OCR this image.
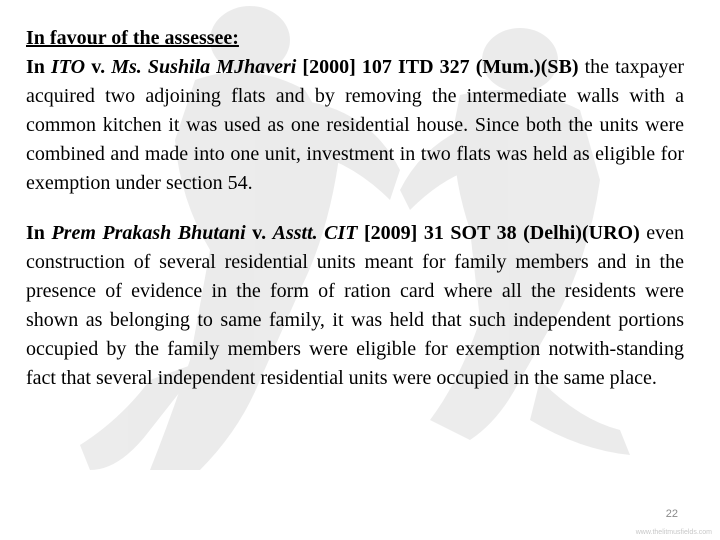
In favour of the assessee:

In ITO v. Ms. Sushila MJhaveri [2000] 107 ITD 327 (Mum.)(SB) the taxpayer acquired two adjoining flats and by removing the intermediate walls with a common kitchen it was used as one residential house. Since both the units were combined and made into one unit, investment in two flats was held as eligible for exemption under section 54.

In Prem Prakash Bhutani v. Asstt. CIT [2009] 31 SOT 38 (Delhi)(URO) even construction of several residential units meant for family members and in the presence of evidence in the form of ration card where all the residents were shown as belonging to same family, it was held that such independent portions occupied by the family members were eligible for exemption notwith-standing fact that several independent residential units were occupied in the same place.

22
www.thelitmusfields.com
